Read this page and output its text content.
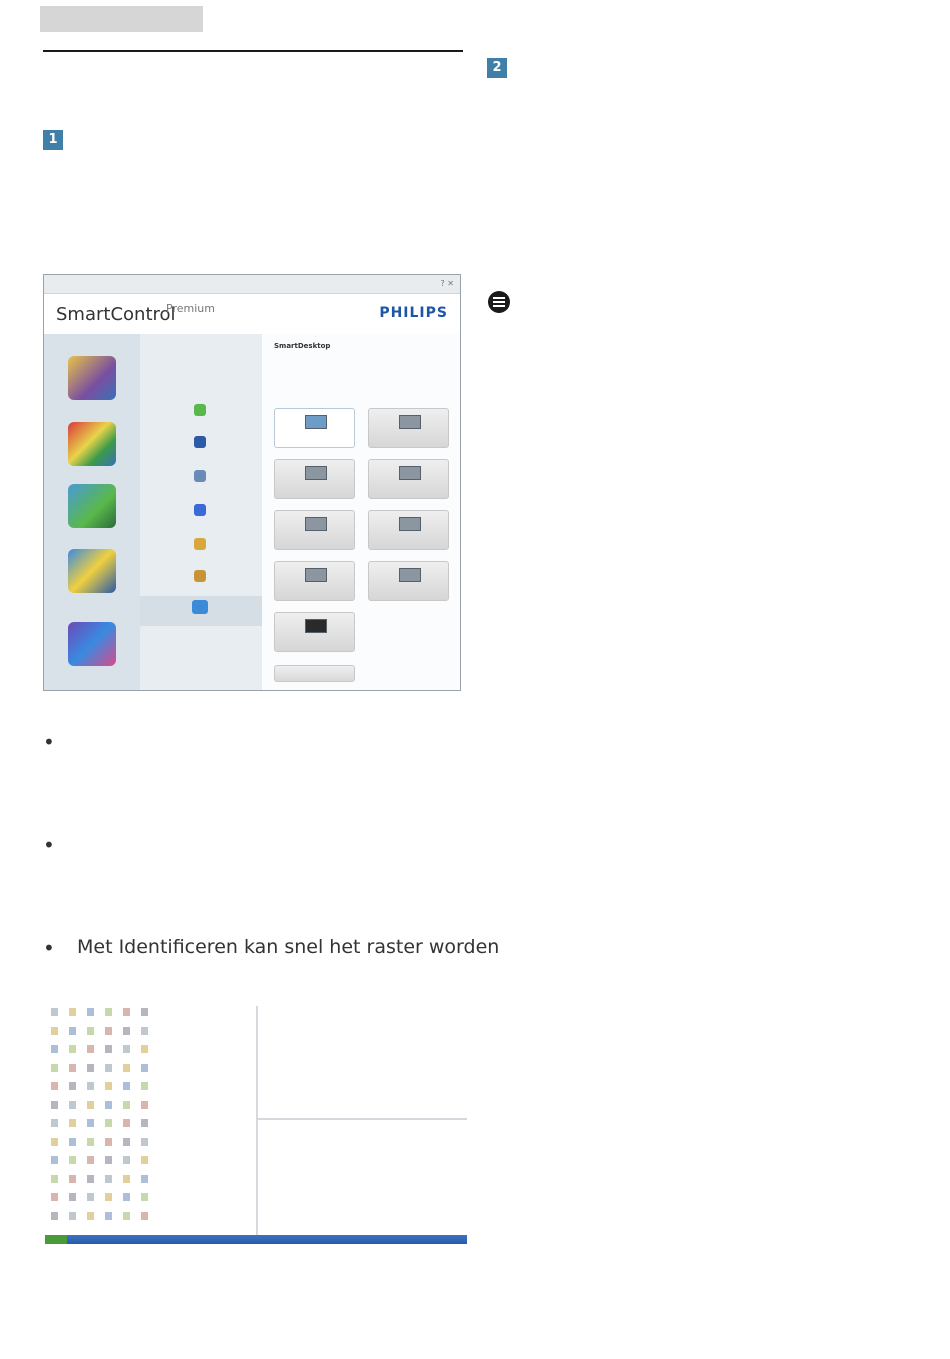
1
2
? ✕
SmartControl
Premium	PHILIPS
SmartDesktop
•
•
• Met Identificeren kan snel het raster worden
